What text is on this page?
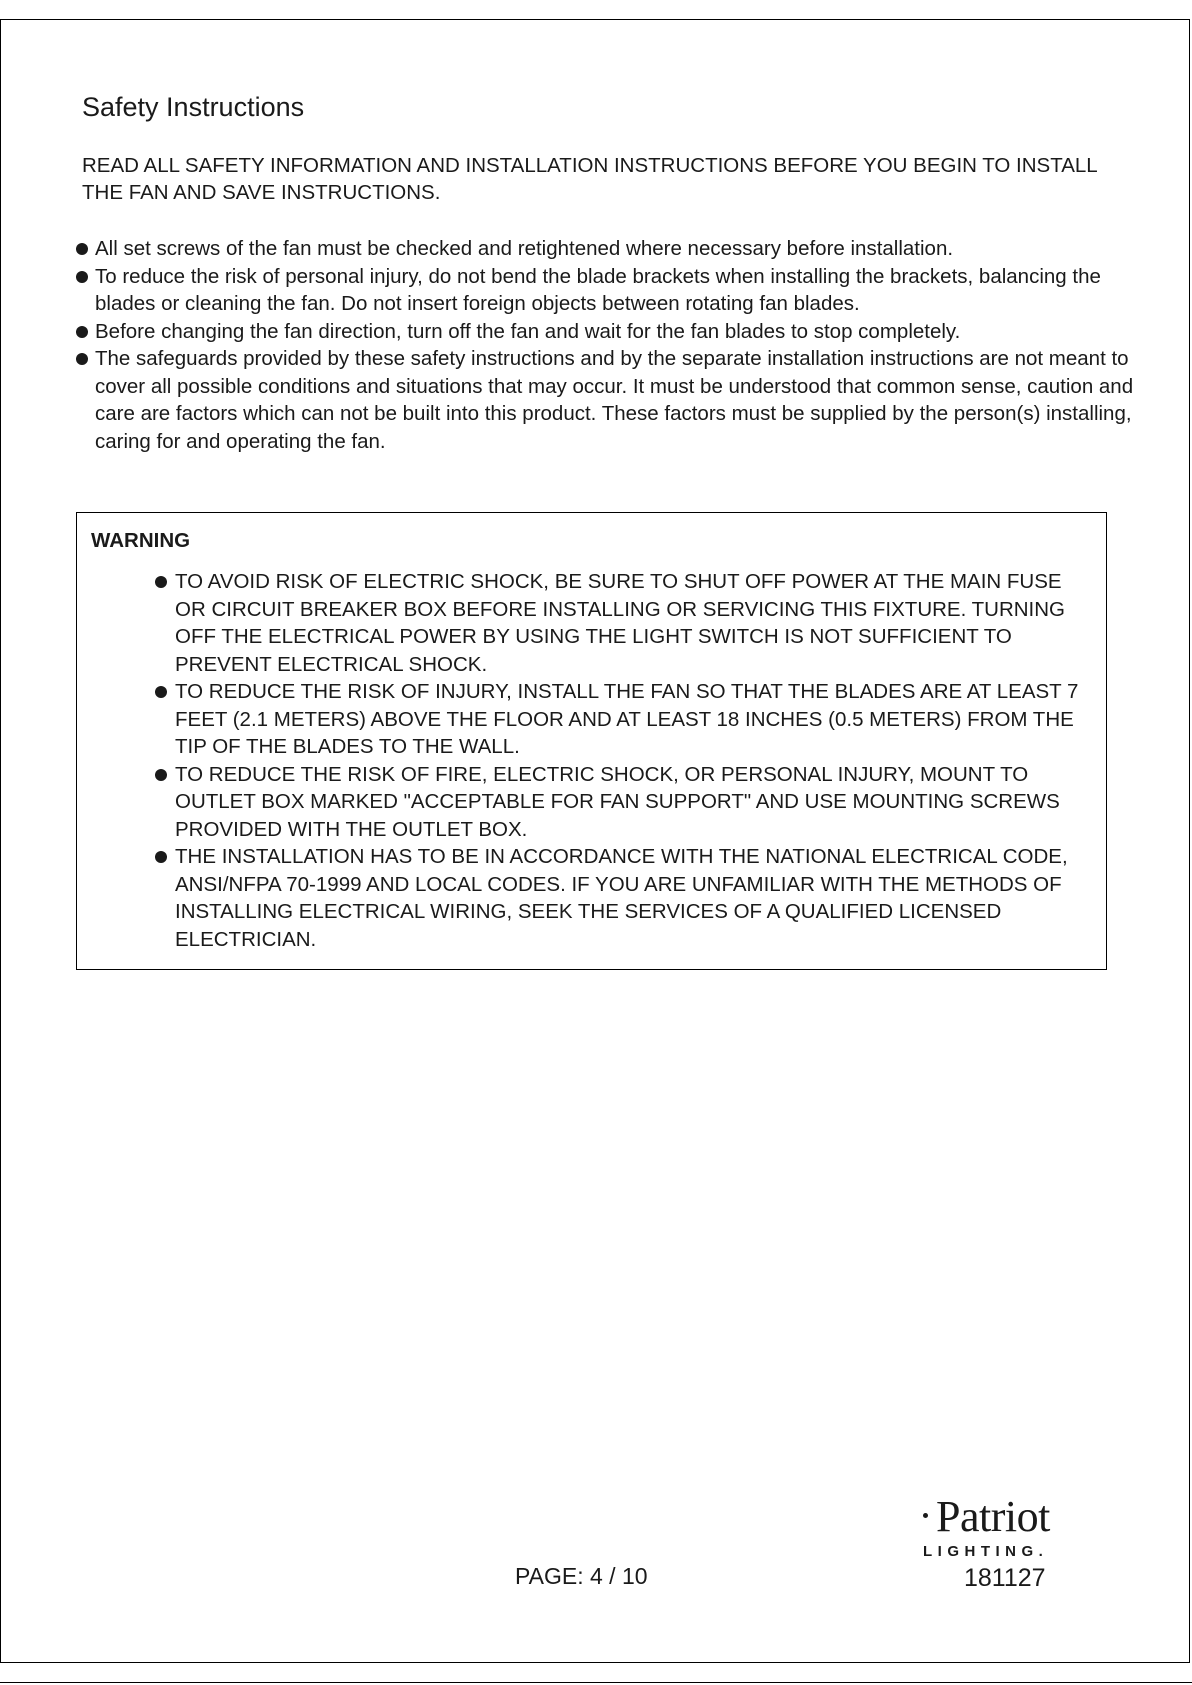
Safety Instructions

READ ALL SAFETY INFORMATION AND INSTALLATION INSTRUCTIONS BEFORE YOU BEGIN TO INSTALL THE FAN AND SAVE INSTRUCTIONS.

All set screws of the fan must be checked and retightened where necessary before installation.
To reduce the risk of personal injury, do not bend the blade brackets when installing the brackets, balancing the blades or cleaning the fan. Do not insert foreign objects between rotating fan blades.
Before changing the fan direction, turn off the fan and wait for the fan blades to stop completely.
The safeguards provided by these safety instructions and by the separate installation instructions are not meant to cover all possible conditions and situations that may occur. It must be understood that common sense, caution and care are factors which can not be built into this product. These factors must be supplied by the person(s) installing, caring for and operating the fan.

WARNING

TO AVOID RISK OF ELECTRIC SHOCK, BE SURE TO SHUT OFF POWER AT THE MAIN FUSE OR CIRCUIT BREAKER BOX BEFORE INSTALLING OR SERVICING THIS FIXTURE. TURNING OFF THE ELECTRICAL POWER BY USING THE LIGHT SWITCH IS NOT SUFFICIENT TO PREVENT ELECTRICAL SHOCK.
TO REDUCE THE RISK OF INJURY, INSTALL THE FAN SO THAT THE BLADES ARE AT LEAST 7 FEET (2.1 METERS) ABOVE THE FLOOR AND AT LEAST 18 INCHES (0.5 METERS) FROM THE TIP OF THE BLADES TO THE WALL.
TO REDUCE THE RISK OF FIRE, ELECTRIC SHOCK, OR PERSONAL INJURY, MOUNT TO OUTLET BOX MARKED "ACCEPTABLE FOR FAN SUPPORT" AND USE MOUNTING SCREWS PROVIDED WITH THE OUTLET BOX.
THE INSTALLATION HAS TO BE IN ACCORDANCE WITH THE NATIONAL ELECTRICAL CODE, ANSI/NFPA 70-1999 AND LOCAL CODES. IF YOU ARE UNFAMILIAR WITH THE METHODS OF INSTALLING ELECTRICAL WIRING, SEEK THE SERVICES OF A QUALIFIED LICENSED ELECTRICIAN.
PAGE: 4 / 10
Patriot
LIGHTING.
181127
